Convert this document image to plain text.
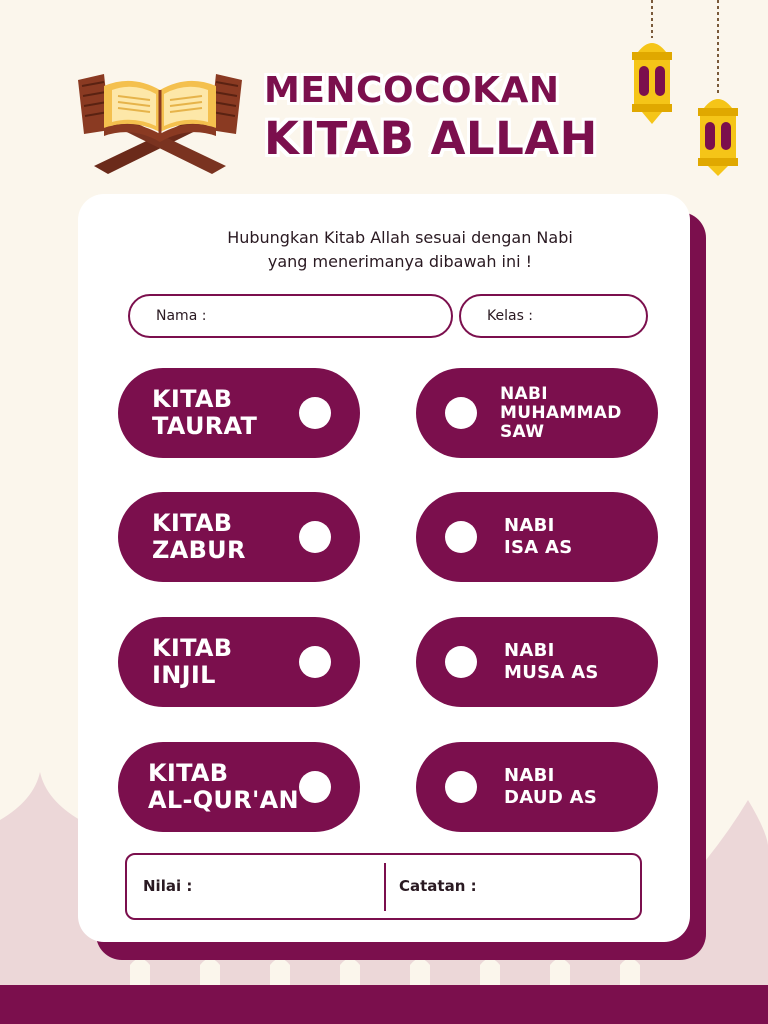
MENCOCOKAN
KITAB ALLAH

Hubungkan Kitab Allah sesuai dengan Nabi
yang menerimanya dibawah ini !

Nama :	Kelas :
KITAB
TAURAT
KITAB
ZABUR
KITAB
INJIL
KITAB
AL-QUR'AN
NABI
MUHAMMAD
SAW
NABI
ISA AS
NABI
MUSA AS
NABI
DAUD AS
Nilai :	Catatan :
